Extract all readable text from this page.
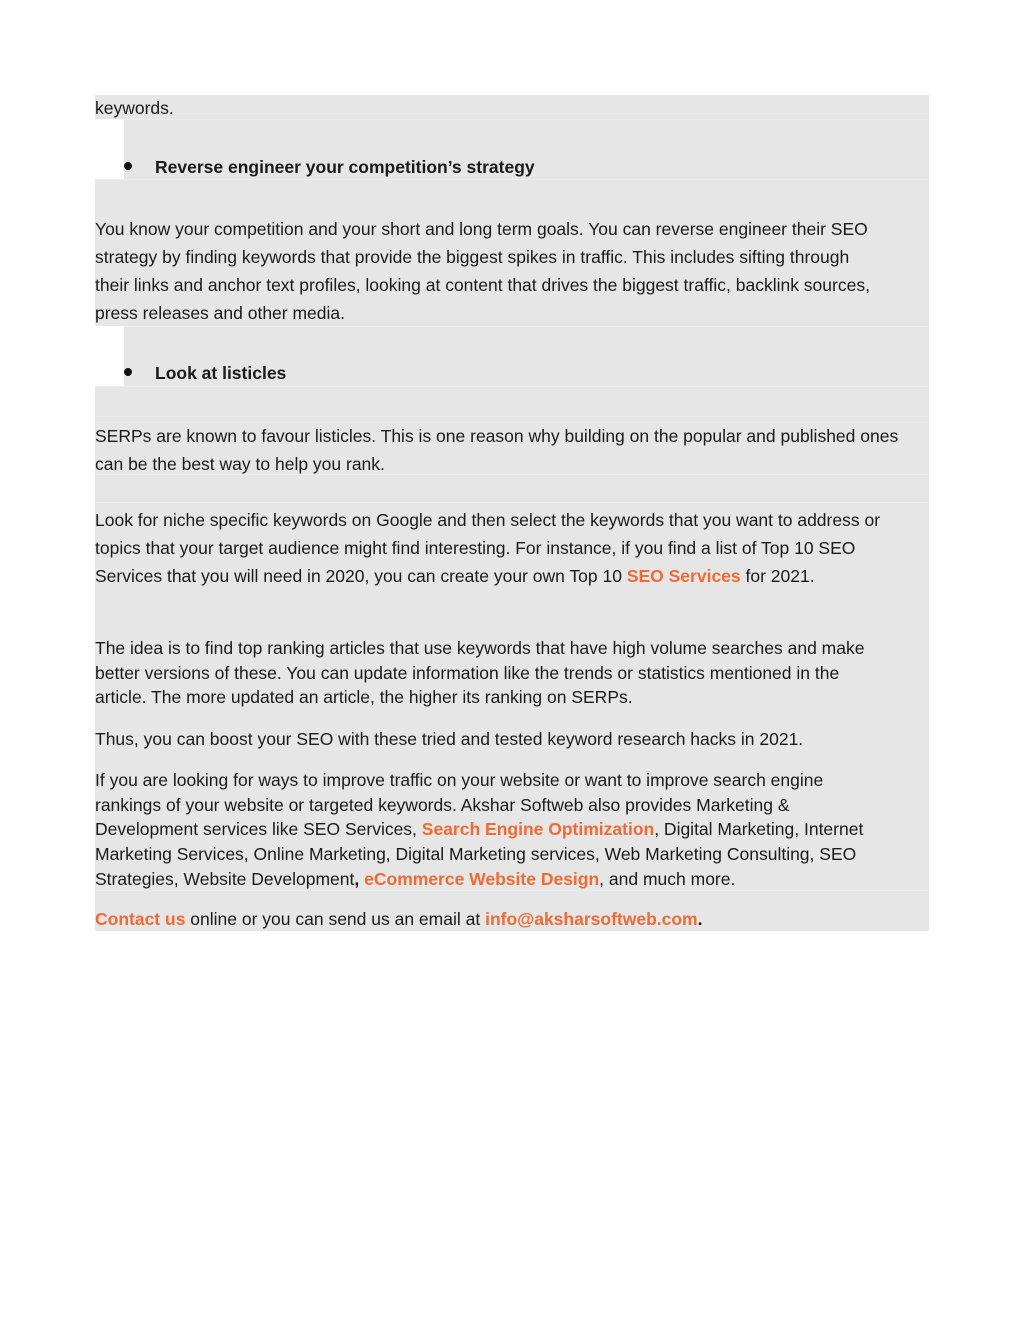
keywords.

Reverse engineer your competition’s strategy
You know your competition and your short and long term goals. You can reverse engineer their SEO
strategy by finding keywords that provide the biggest spikes in traffic. This includes sifting through
their links and anchor text profiles, looking at content that drives the biggest traffic, backlink sources,
press releases and other media.
Look at listicles
SERPs are known to favour listicles. This is one reason why building on the popular and published ones
can be the best way to help you rank.
Look for niche specific keywords on Google and then select the keywords that you want to address or
topics that your target audience might find interesting. For instance, if you find a list of Top 10 SEO
Services that you will need in 2020, you can create your own Top 10 SEO Services for 2021.
The idea is to find top ranking articles that use keywords that have high volume searches and make
better versions of these. You can update information like the trends or statistics mentioned in the
article. The more updated an article, the higher its ranking on SERPs.

Thus, you can boost your SEO with these tried and tested keyword research hacks in 2021.

If you are looking for ways to improve traffic on your website or want to improve search engine
rankings of your website or targeted keywords. Akshar Softweb also provides Marketing &
Development services like SEO Services, Search Engine Optimization, Digital Marketing, Internet
Marketing Services, Online Marketing, Digital Marketing services, Web Marketing Consulting, SEO
Strategies, Website Development, eCommerce Website Design, and much more.
Contact us online or you can send us an email at info@aksharsoftweb.com.
